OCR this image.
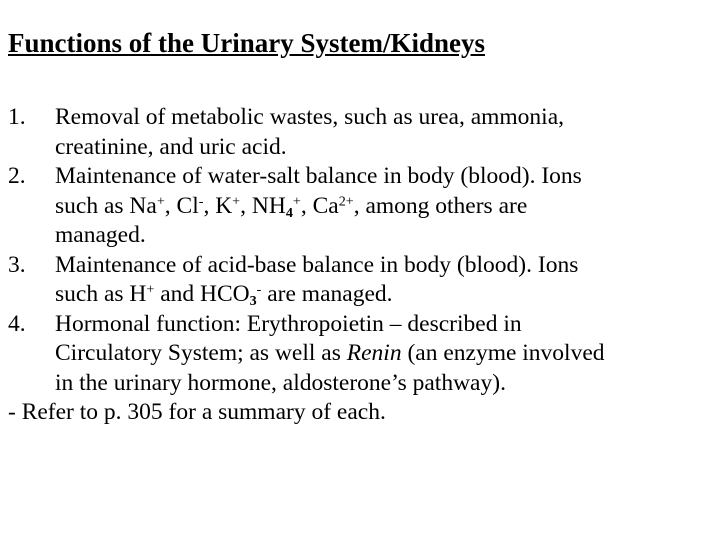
Functions of the Urinary System/Kidneys
1. Removal of metabolic wastes, such as urea, ammonia,
creatinine, and uric acid.
2. Maintenance of water-salt balance in body (blood). Ions
such as Na+, Cl-, K+, $NH_4^+$, $Ca^{2+}$, among others are
managed.
3. Maintenance of acid-base balance in body (blood). Ions
such as H+ and $HCO_3^-$ are managed.
4. Hormonal function: Erythropoietin – described in
Circulatory System; as well as Renin (an enzyme involved
in the urinary hormone, aldosterone’s pathway).
- Refer to p. 305 for a summary of each.
